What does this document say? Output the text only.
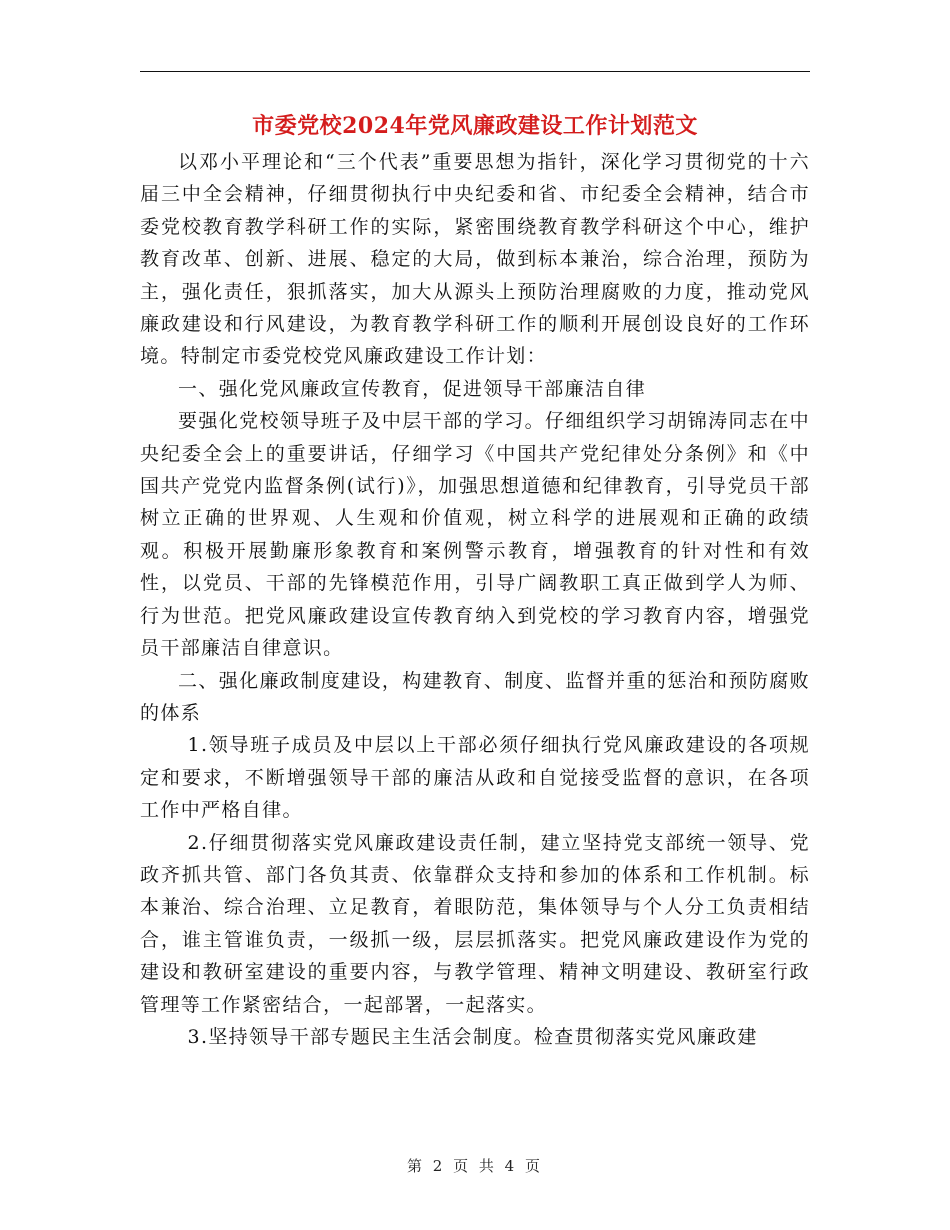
市委党校2024年党风廉政建设工作计划范文

以邓小平理论和“三个代表”重要思想为指针，深化学习贯彻党的十六届三中全会精神，仔细贯彻执行中央纪委和省、市纪委全会精神，结合市委党校教育教学科研工作的实际，紧密围绕教育教学科研这个中心，维护教育改革、创新、进展、稳定的大局，做到标本兼治，综合治理，预防为主，强化责任，狠抓落实，加大从源头上预防治理腐败的力度，推动党风廉政建设和行风建设，为教育教学科研工作的顺利开展创设良好的工作环境。特制定市委党校党风廉政建设工作计划：

一、强化党风廉政宣传教育，促进领导干部廉洁自律

要强化党校领导班子及中层干部的学习。仔细组织学习胡锦涛同志在中央纪委全会上的重要讲话，仔细学习《中国共产党纪律处分条例》和《中国共产党党内监督条例(试行)》，加强思想道德和纪律教育，引导党员干部树立正确的世界观、人生观和价值观，树立科学的进展观和正确的政绩观。积极开展勤廉形象教育和案例警示教育，增强教育的针对性和有效性，以党员、干部的先锋模范作用，引导广阔教职工真正做到学人为师、行为世范。把党风廉政建设宣传教育纳入到党校的学习教育内容，增强党员干部廉洁自律意识。

二、强化廉政制度建设，构建教育、制度、监督并重的惩治和预防腐败的体系

1.领导班子成员及中层以上干部必须仔细执行党风廉政建设的各项规定和要求，不断增强领导干部的廉洁从政和自觉接受监督的意识，在各项工作中严格自律。

2.仔细贯彻落实党风廉政建设责任制，建立坚持党支部统一领导、党政齐抓共管、部门各负其责、依靠群众支持和参加的体系和工作机制。标本兼治、综合治理、立足教育，着眼防范，集体领导与个人分工负责相结合，谁主管谁负责，一级抓一级，层层抓落实。把党风廉政建设作为党的建设和教研室建设的重要内容，与教学管理、精神文明建设、教研室行政管理等工作紧密结合，一起部署，一起落实。

3.坚持领导干部专题民主生活会制度。检查贯彻落实党风廉政建

第 2 页 共 4 页
